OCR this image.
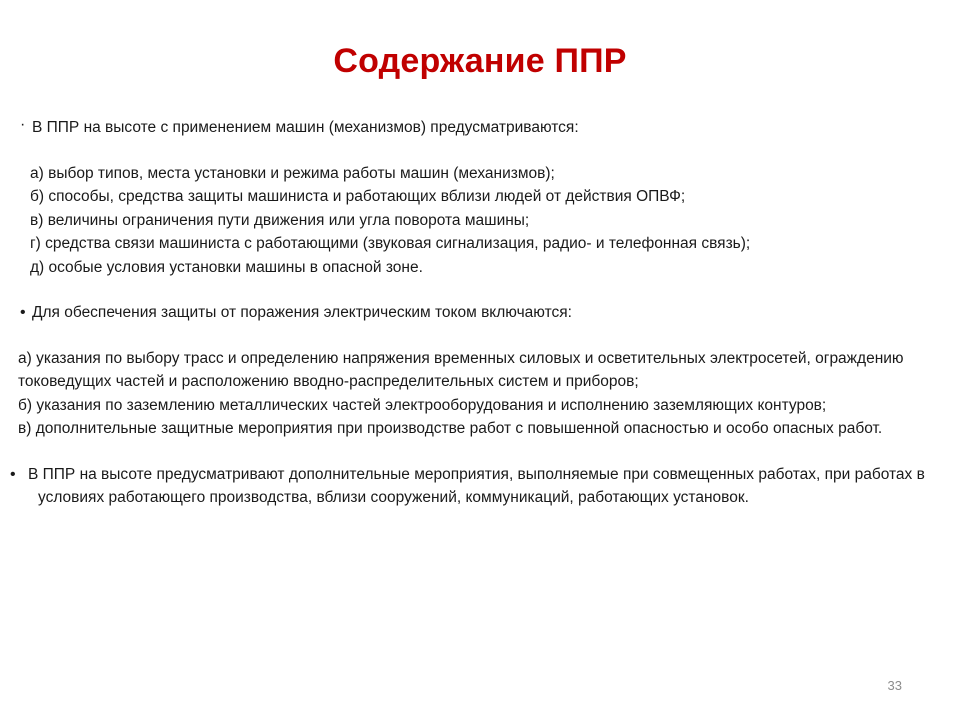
Содержание ППР
· В ППР на высоте с применением машин (механизмов) предусматриваются:
а) выбор типов, места установки и режима работы машин (механизмов);
б) способы, средства защиты машиниста и работающих вблизи людей от действия ОПВФ;
в) величины ограничения пути движения или угла поворота машины;
г) средства связи машиниста с работающими (звуковая сигнализация, радио- и телефонная связь);
д) особые условия установки машины в опасной зоне.
• Для обеспечения защиты от поражения электрическим током включаются:
а) указания по выбору трасс и определению напряжения временных силовых и осветительных электросетей, ограждению токоведущих частей и расположению вводно-распределительных систем и приборов;
б) указания по заземлению металлических частей электрооборудования и исполнению заземляющих контуров;
в) дополнительные защитные мероприятия при производстве работ с повышенной опасностью и особо опасных работ.
• В ППР на высоте предусматривают дополнительные мероприятия, выполняемые при совмещенных работах, при работах в условиях работающего производства, вблизи сооружений, коммуникаций, работающих установок.
33
